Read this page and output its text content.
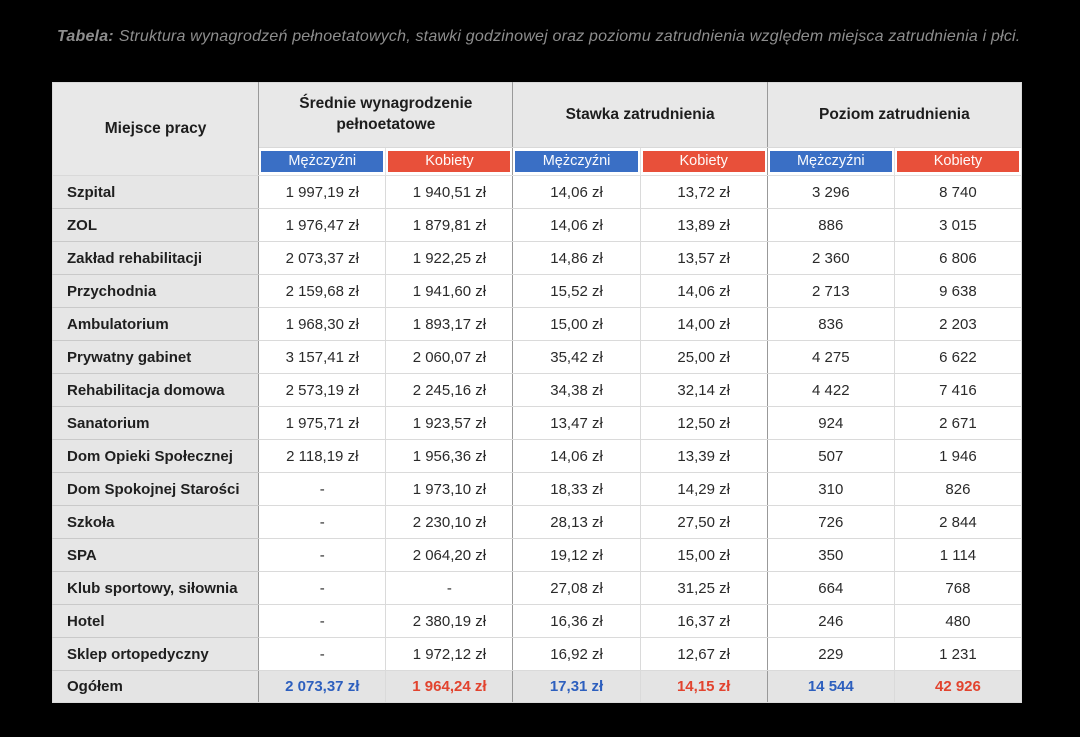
Tabela: Struktura wynagrodzeń pełnoetatowych, stawki godzinowej oraz poziomu zatrudnienia względem miejsca zatrudnienia i płci.
Miejsce pracy	Średnie wynagrodzenie pełnoetatowe		Stawka zatrudnienia		Poziom zatrudnienia	

	Mężczyźni	Kobiety	Mężczyźni	Kobiety	Mężczyźni	Kobiety

Szpital	1 997,19 zł	1 940,51 zł	14,06 zł	13,72 zł	3 296	8 740
ZOL	1 976,47 zł	1 879,81 zł	14,06 zł	13,89 zł	886	3 015
Zakład rehabilitacji	2 073,37 zł	1 922,25 zł	14,86 zł	13,57 zł	2 360	6 806
Przychodnia	2 159,68 zł	1 941,60 zł	15,52 zł	14,06 zł	2 713	9 638
Ambulatorium	1 968,30 zł	1 893,17 zł	15,00 zł	14,00 zł	836	2 203
Prywatny gabinet	3 157,41 zł	2 060,07 zł	35,42 zł	25,00 zł	4 275	6 622
Rehabilitacja domowa	2 573,19 zł	2 245,16 zł	34,38 zł	32,14 zł	4 422	7 416
Sanatorium	1 975,71 zł	1 923,57 zł	13,47 zł	12,50 zł	924	2 671
Dom Opieki Społecznej	2 118,19 zł	1 956,36 zł	14,06 zł	13,39 zł	507	1 946
Dom Spokojnej Starości	-	1 973,10 zł	18,33 zł	14,29 zł	310	826
Szkoła	-	2 230,10 zł	28,13 zł	27,50 zł	726	2 844
SPA	-	2 064,20 zł	19,12 zł	15,00 zł	350	1 114
Klub sportowy, siłownia	-	-	27,08 zł	31,25 zł	664	768
Hotel	-	2 380,19 zł	16,36 zł	16,37 zł	246	480
Sklep ortopedyczny	-	1 972,12 zł	16,92 zł	12,67 zł	229	1 231
Ogółem	2 073,37 zł	1 964,24 zł	17,31 zł	14,15 zł	14 544	42 926
